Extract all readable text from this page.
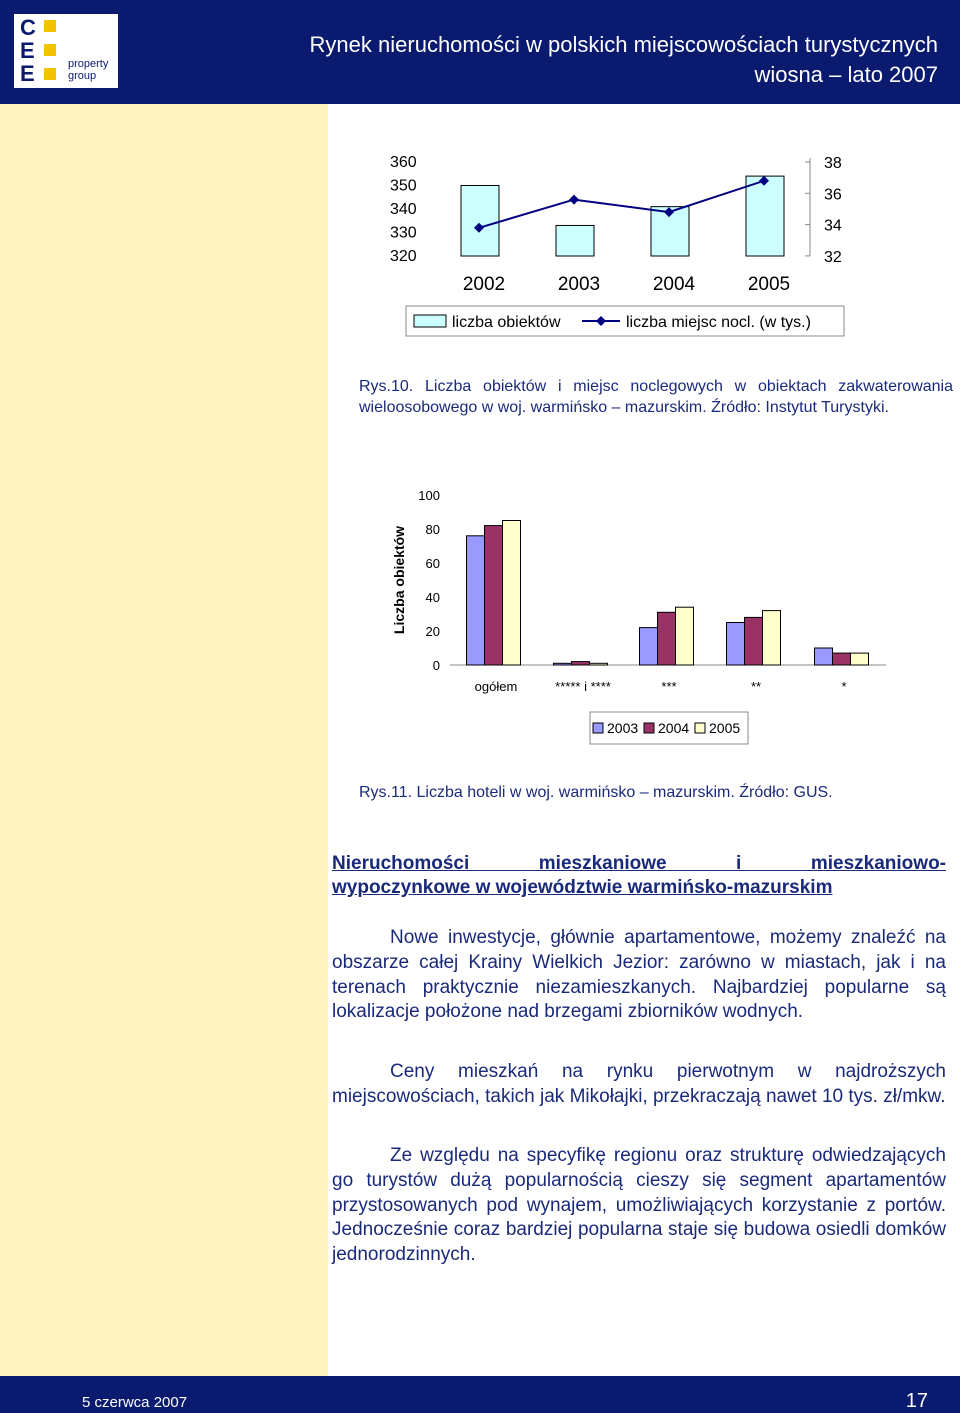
C
E
E	property
group
Rynek nieruchomości w polskich miejscowościach turystycznych
wiosna – lato 2007
360
350
340
330
320
38
36
34
32
2002	2003	2004	2005
liczba obiektów	liczba miejsc nocl. (w tys.)
Rys.10. Liczba obiektów i miejsc noclegowych w obiektach zakwaterowania wieloosobowego w woj. warmińsko – mazurskim. Źródło: Instytut Turystyki.
Liczba obiektów
100
80
60
40
20
0
ogółem	***** i ****	***	**	*
2003 2004 2005
Rys.11. Liczba hoteli w woj. warmińsko – mazurskim. Źródło: GUS.
Nieruchomości mieszkaniowe i mieszkaniowo-
wypoczynkowe w województwie warmińsko-mazurskim
Nowe inwestycje, głównie apartamentowe, możemy znaleźć na obszarze całej Krainy Wielkich Jezior: zarówno w miastach, jak i na terenach praktycznie niezamieszkanych. Najbardziej popularne są lokalizacje położone nad brzegami zbiorników wodnych.
Ceny mieszkań na rynku pierwotnym w najdroższych miejscowościach, takich jak Mikołajki, przekraczają nawet 10 tys. zł/mkw.
Ze względu na specyfikę regionu oraz strukturę odwiedzających go turystów dużą popularnością cieszy się segment apartamentów przystosowanych pod wynajem, umożliwiających korzystanie z portów. Jednocześnie coraz bardziej popularna staje się budowa osiedli domków jednorodzinnych.
5 czerwca 2007	17
